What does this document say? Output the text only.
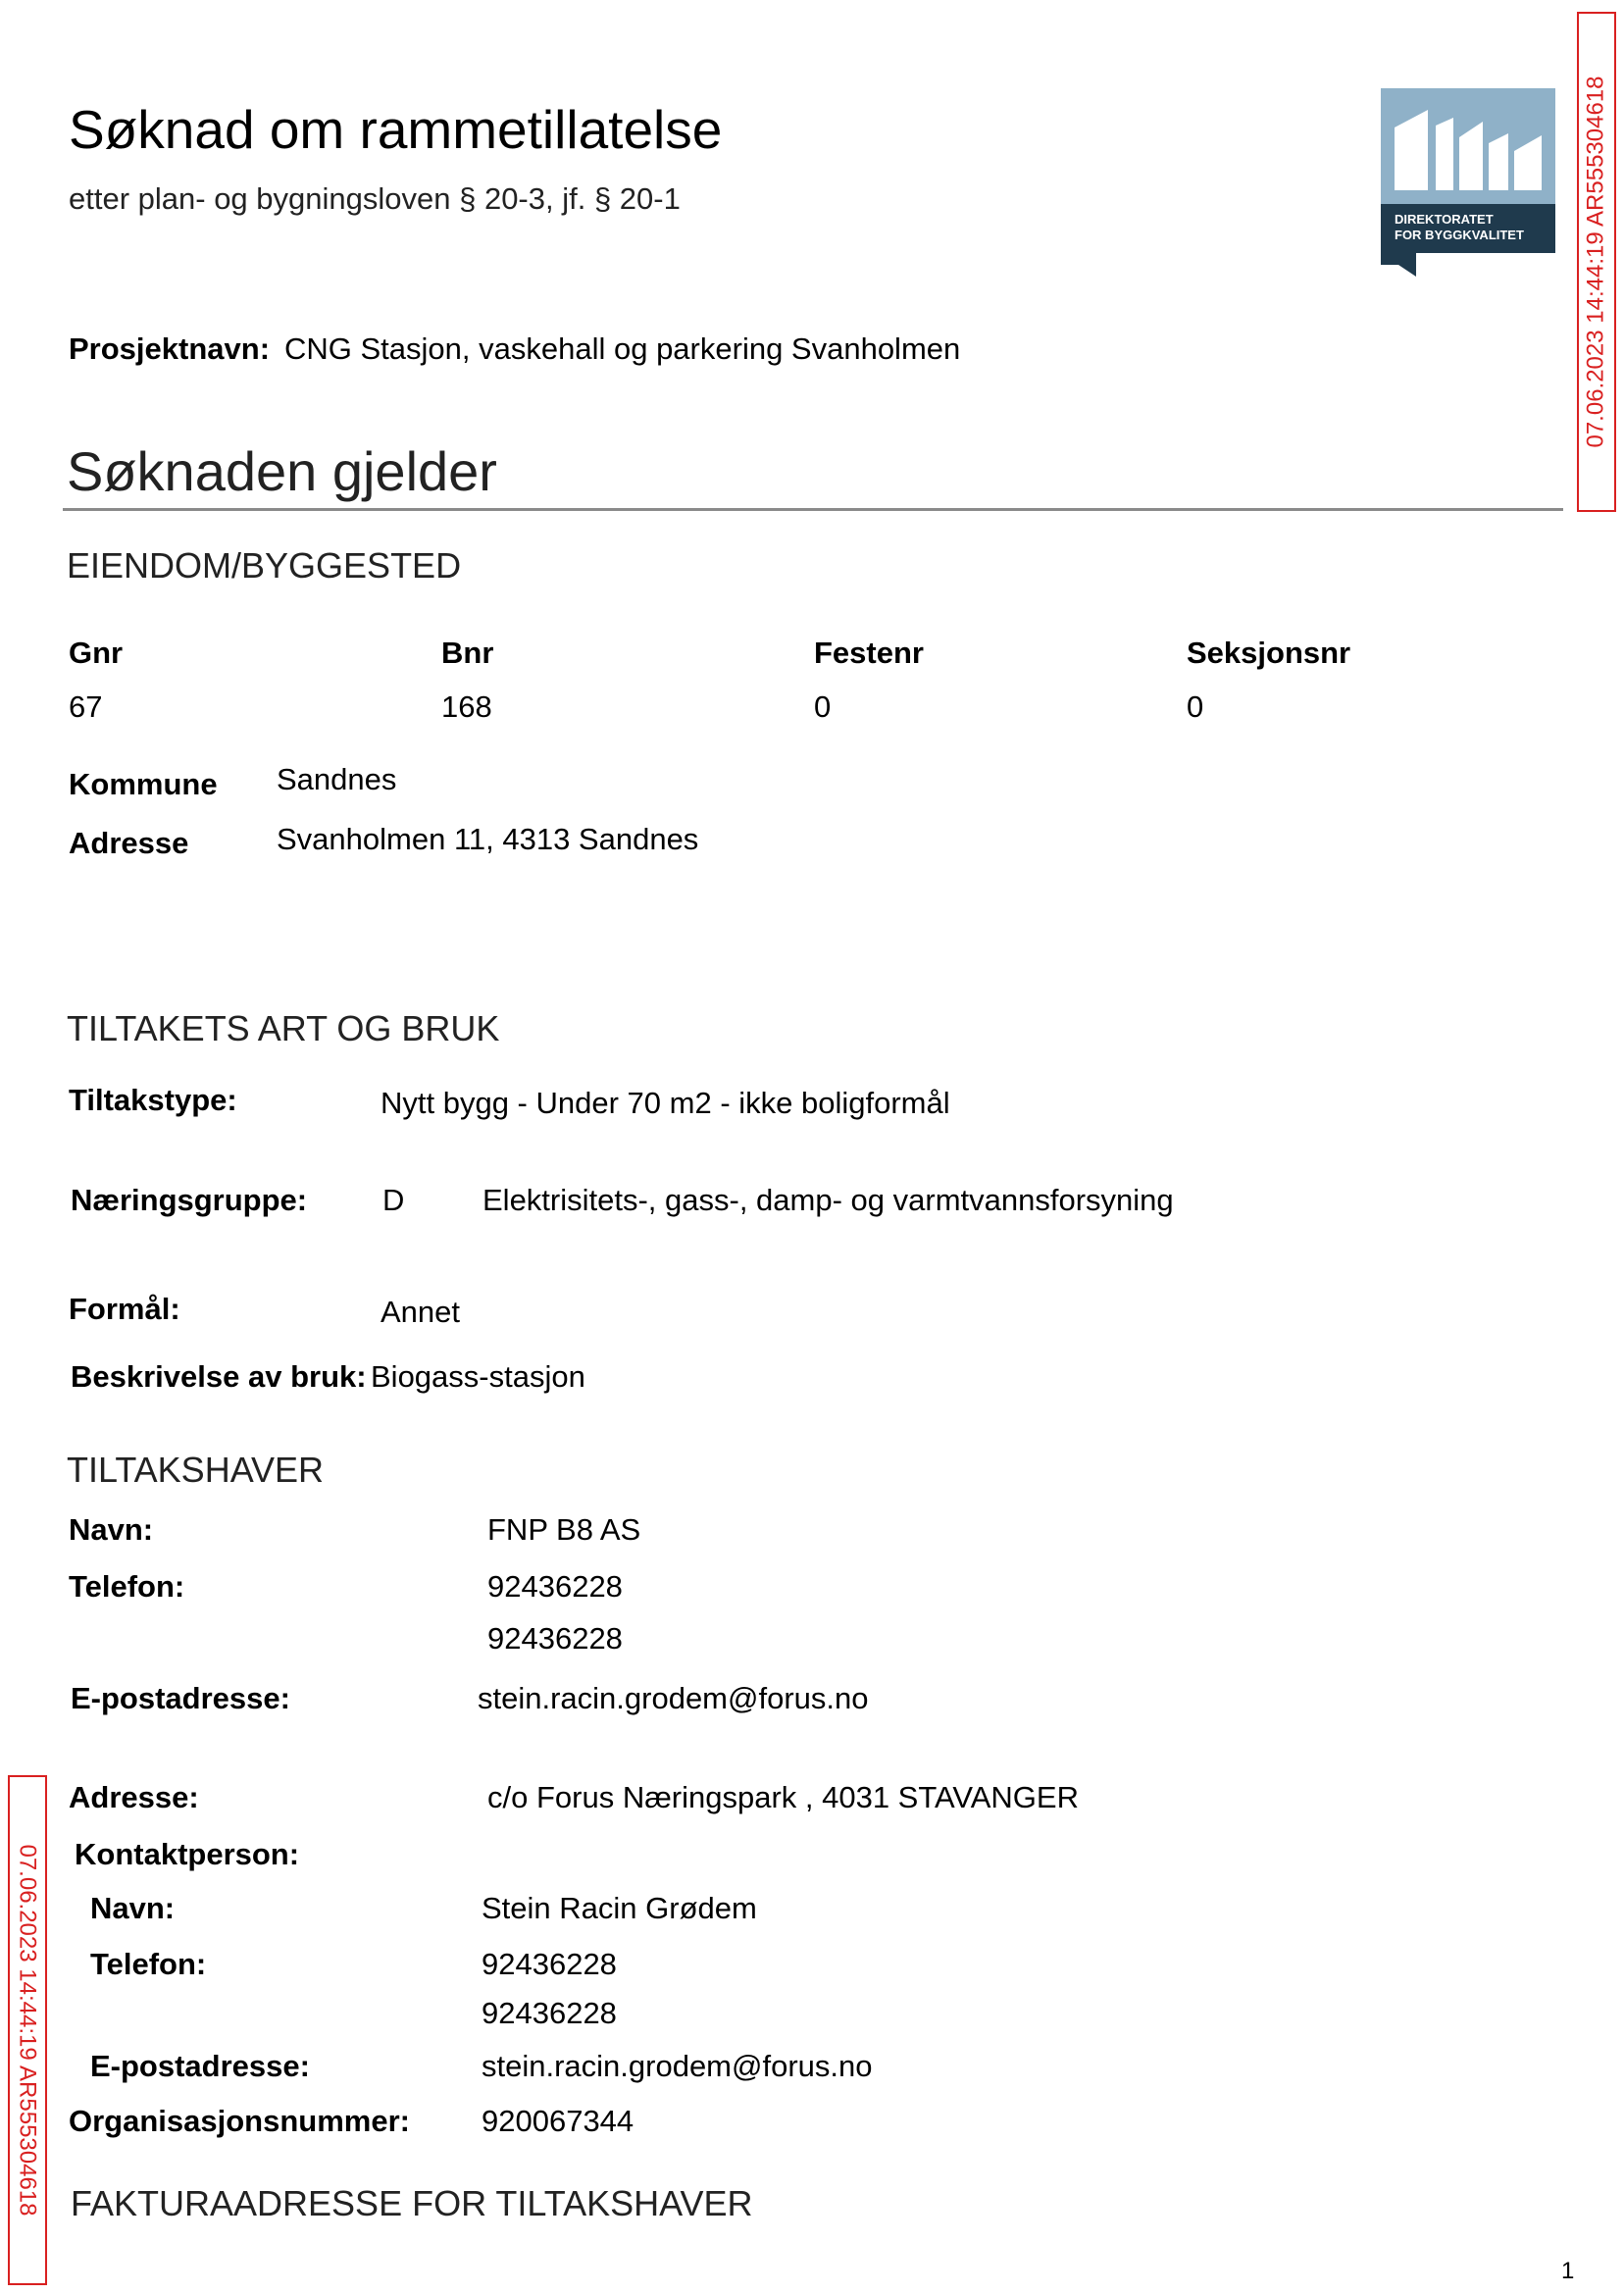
Søknad om rammetillatelse
etter plan- og bygningsloven § 20-3, jf. § 20-1
DIREKTORATET
FOR BYGGKVALITET	07.06.2023 14:44:19 AR555304618
07.06.2023 14:44:19 AR555304618
Prosjektnavn: CNG Stasjon, vaskehall og parkering Svanholmen
Søknaden gjelder
EIENDOM/BYGGESTED
Gnr	Bnr	Festenr	Seksjonsnr
67	168	0	0
Kommune Sandnes
Adresse	Svanholmen 11, 4313 Sandnes
TILTAKETS ART OG BRUK
Tiltakstype:	Nytt bygg - Under 70 m2 - ikke boligformål
Næringsgruppe: D	Elektrisitets-, gass-, damp- og varmtvannsforsyning
Formål:	Annet
Beskrivelse av bruk: Biogass-stasjon
TILTAKSHAVER
Navn:	FNP B8 AS
Telefon:	92436228
92436228
E-postadresse:	stein.racin.grodem@forus.no
Adresse:	c/o Forus Næringspark , 4031 STAVANGER
Kontaktperson:
Navn:	Stein Racin Grødem
Telefon:	92436228
92436228
E-postadresse:	stein.racin.grodem@forus.no
Organisasjonsnummer: 920067344
FAKTURAADRESSE FOR TILTAKSHAVER
1
